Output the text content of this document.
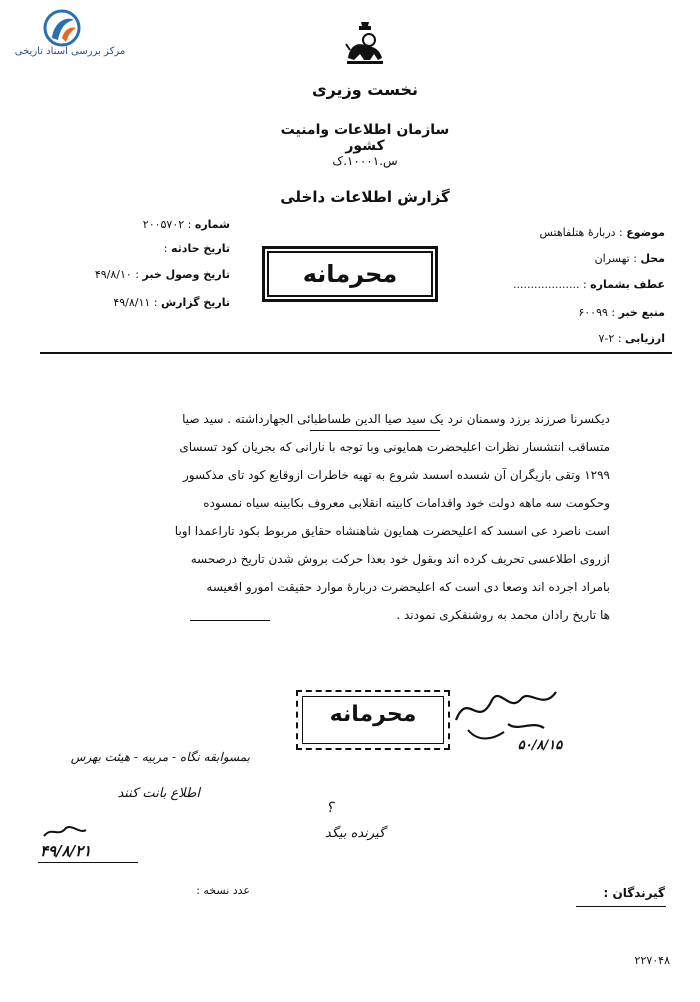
مرکز بررسی اسناد تاریخی
نخست وزیری
سازمان اطلاعات وامنیت کشور
س.۱۰۰۰۱.ک
گزارش اطلاعات داخلی
شماره : ۲۰۰۵۷۰۲
تاریخ حادثه :
تاریخ وصول خبر : ۴۹/۸/۱۰
تاریخ گزارش : ۴۹/۸/۱۱
محرمانه
موضوع : دربارۀ هتلفاهتس
محل : تهسران
عطف بشماره : ...................
منبع خبر : ۶۰۰۹۹
ارزیابی : ۲-۷
دیکسرنا صرزند برزد وسمنان نرد یک سید صیا الدین طساطبائی الجهارداشته . سید صیا
متساقب انتشسار نظرات اعلیحضرت همایونی وبا توجه با نارانی که بجریان کود تسسای
۱۲۹۹ وتقی بازیگران آن شسده اسسد شروع به تهیه خاطرات ازوقایع کود تای مذکسور
وحکومت سه ماهه دولت خود واقدامات کابینه انقلابی معروف بکابینه سیاه نمسوده
است ناصرد عی اسسد که اعلیحضرت همایون شاهنشاه حقایق مربوط بکود تاراعمدا اوبا
ازروی اطلاعسی تحریف کرده اند وبقول خود بعدا حرکت بروش شدن تاریخ درصحسه
بامراد اجرده اند وصعا دی است که اعلیحضرت دربارۀ موارد حقیقت امورو اقعیسه
ها تاریخ رادان محمد به روشنفکری نمودند .
محرمانه
۵۰/۸/۱۵
بمسوابقه نگاه - مربیه - هیئت بهرس
اطلاع بانت کنند
۴۹/۸/۲۱
؟
گیرنده بیگد
عدد نسخه :	گیرندگان :
۲۲۷۰۴۸
